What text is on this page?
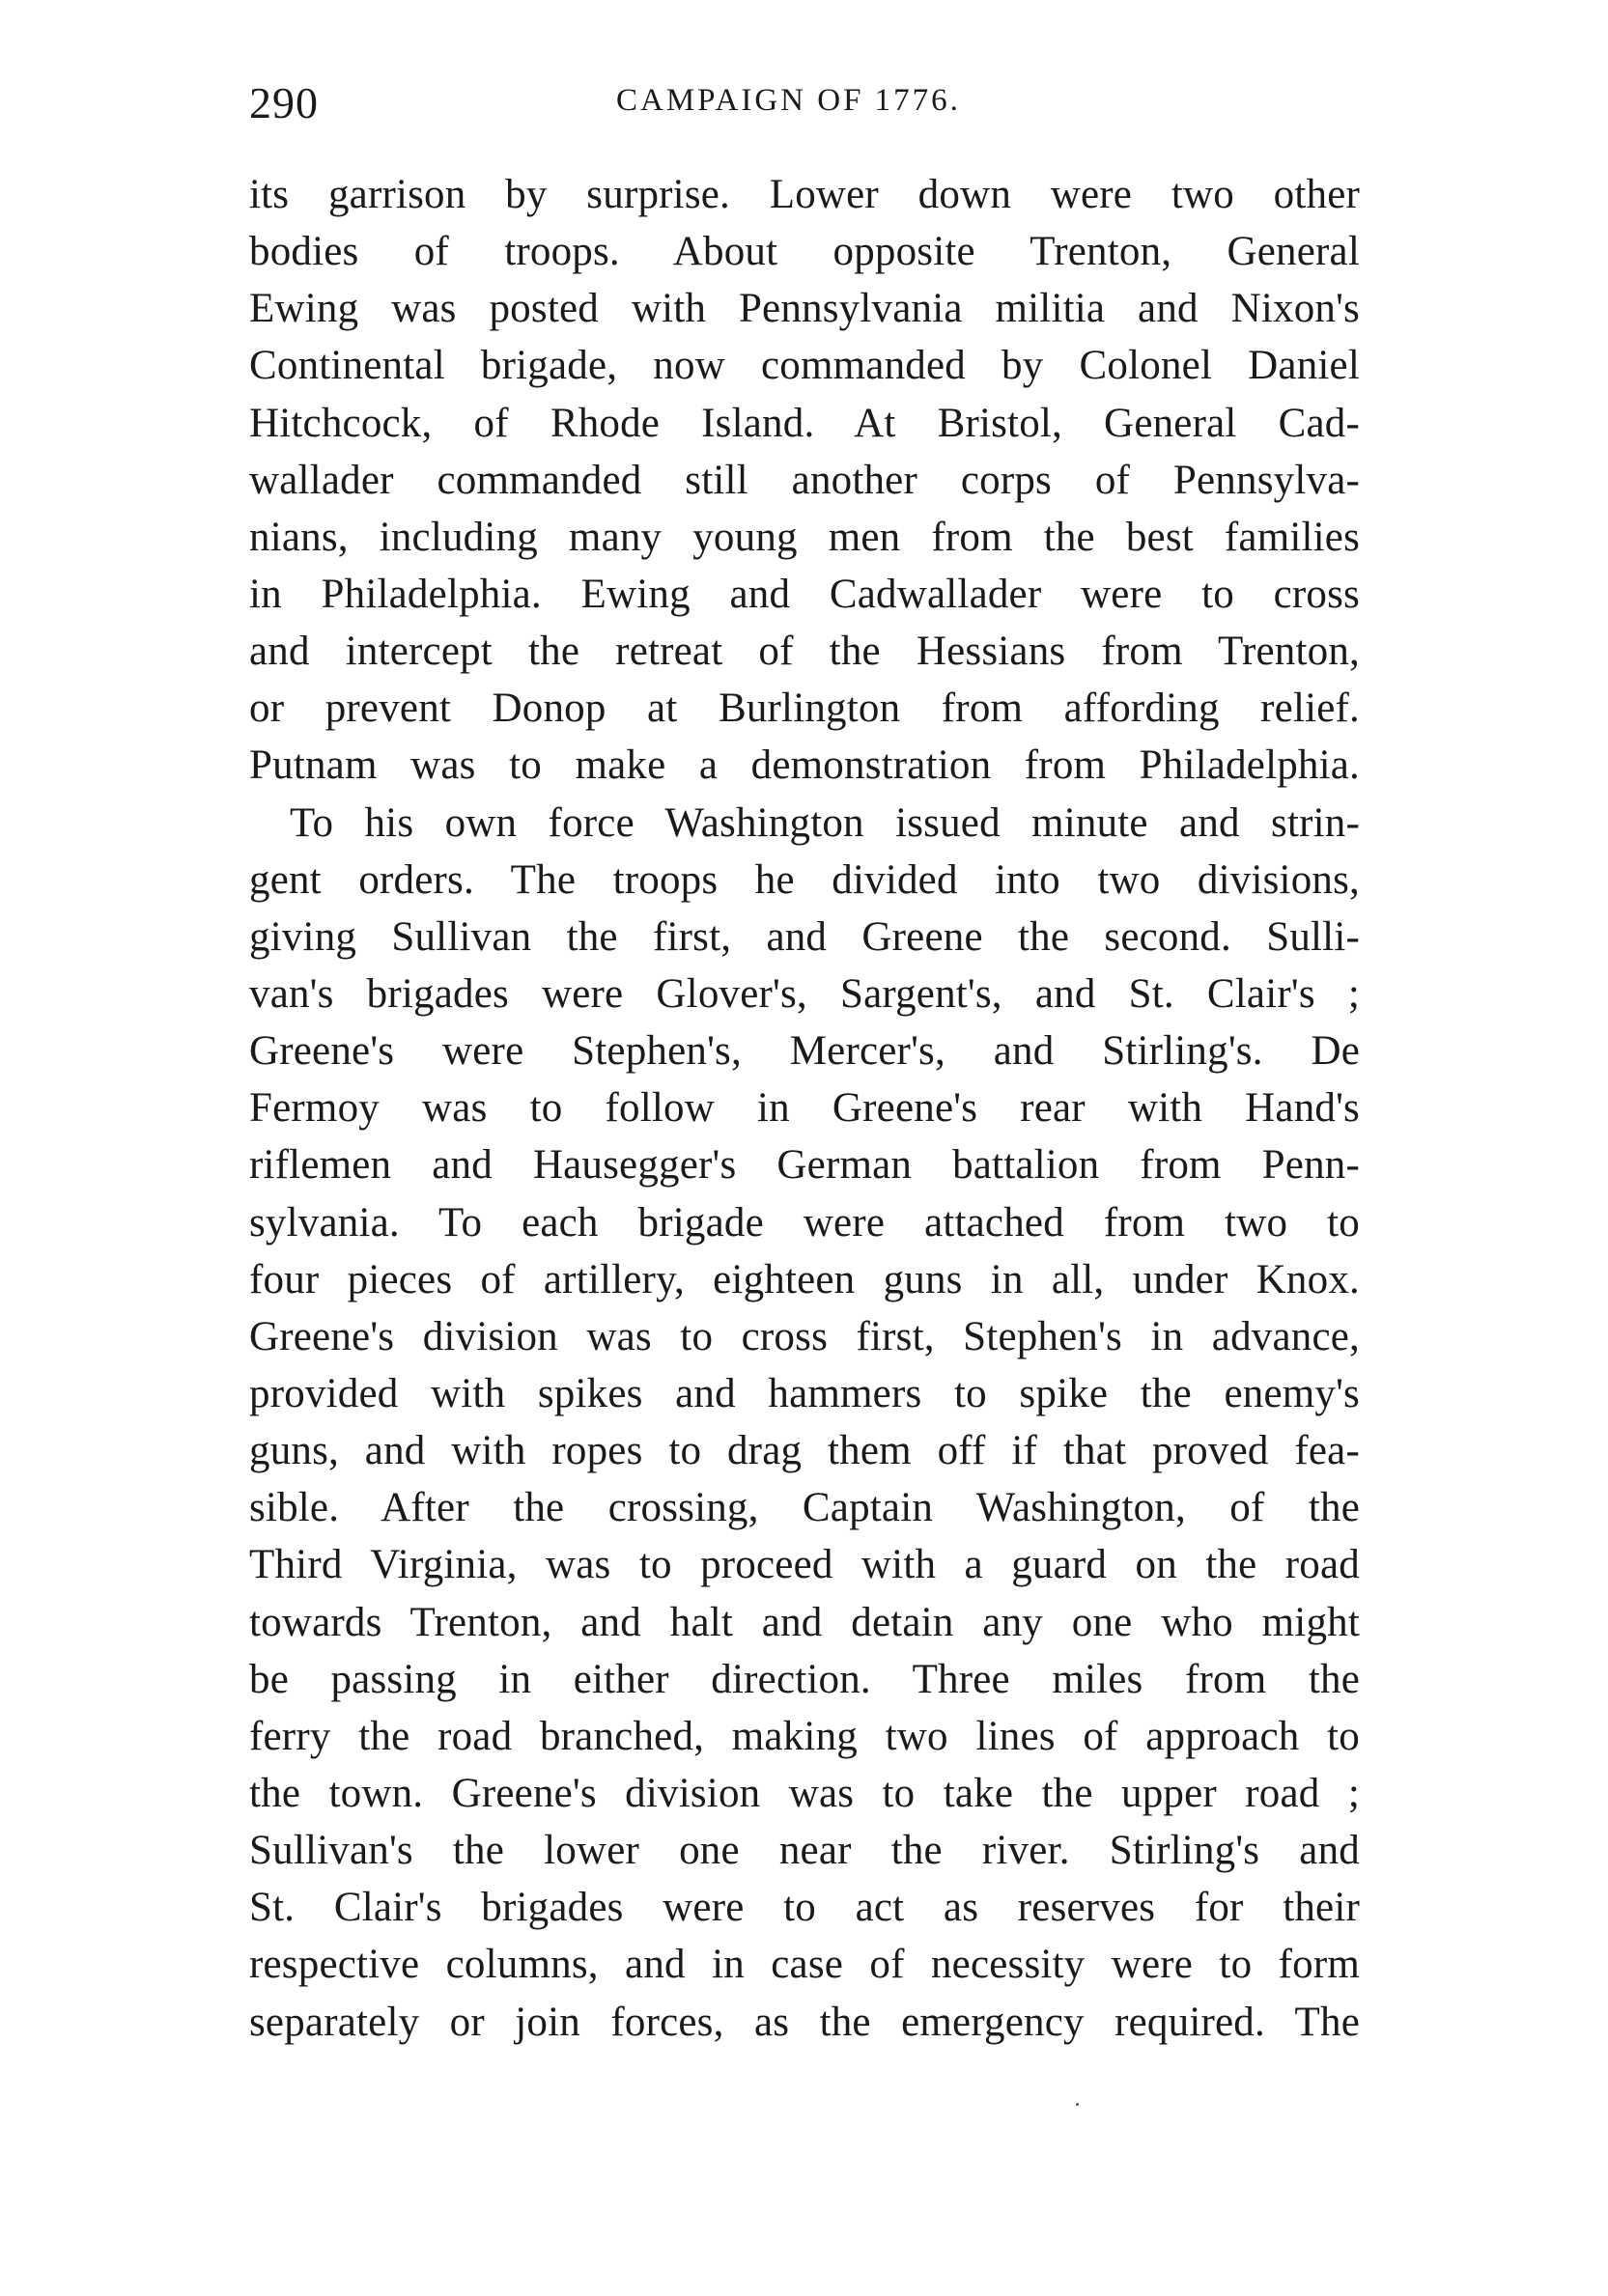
290	CAMPAIGN OF 1776.
its garrison by surprise. Lower down were two other
bodies of troops. About opposite Trenton, General
Ewing was posted with Pennsylvania militia and Nixon's
Continental brigade, now commanded by Colonel Daniel
Hitchcock, of Rhode Island. At Bristol, General Cad-
wallader commanded still another corps of Pennsylva-
nians, including many young men from the best families
in Philadelphia. Ewing and Cadwallader were to cross
and intercept the retreat of the Hessians from Trenton,
or prevent Donop at Burlington from affording relief.
Putnam was to make a demonstration from Philadelphia.
To his own force Washington issued minute and strin-
gent orders. The troops he divided into two divisions,
giving Sullivan the first, and Greene the second. Sulli-
van's brigades were Glover's, Sargent's, and St. Clair's ;
Greene's were Stephen's, Mercer's, and Stirling's. De
Fermoy was to follow in Greene's rear with Hand's
riflemen and Hausegger's German battalion from Penn-
sylvania. To each brigade were attached from two to
four pieces of artillery, eighteen guns in all, under Knox.
Greene's division was to cross first, Stephen's in advance,
provided with spikes and hammers to spike the enemy's
guns, and with ropes to drag them off if that proved fea-
sible. After the crossing, Captain Washington, of the
Third Virginia, was to proceed with a guard on the road
towards Trenton, and halt and detain any one who might
be passing in either direction. Three miles from the
ferry the road branched, making two lines of approach to
the town. Greene's division was to take the upper road ;
Sullivan's the lower one near the river. Stirling's and
St. Clair's brigades were to act as reserves for their
respective columns, and in case of necessity were to form
separately or join forces, as the emergency required. The
